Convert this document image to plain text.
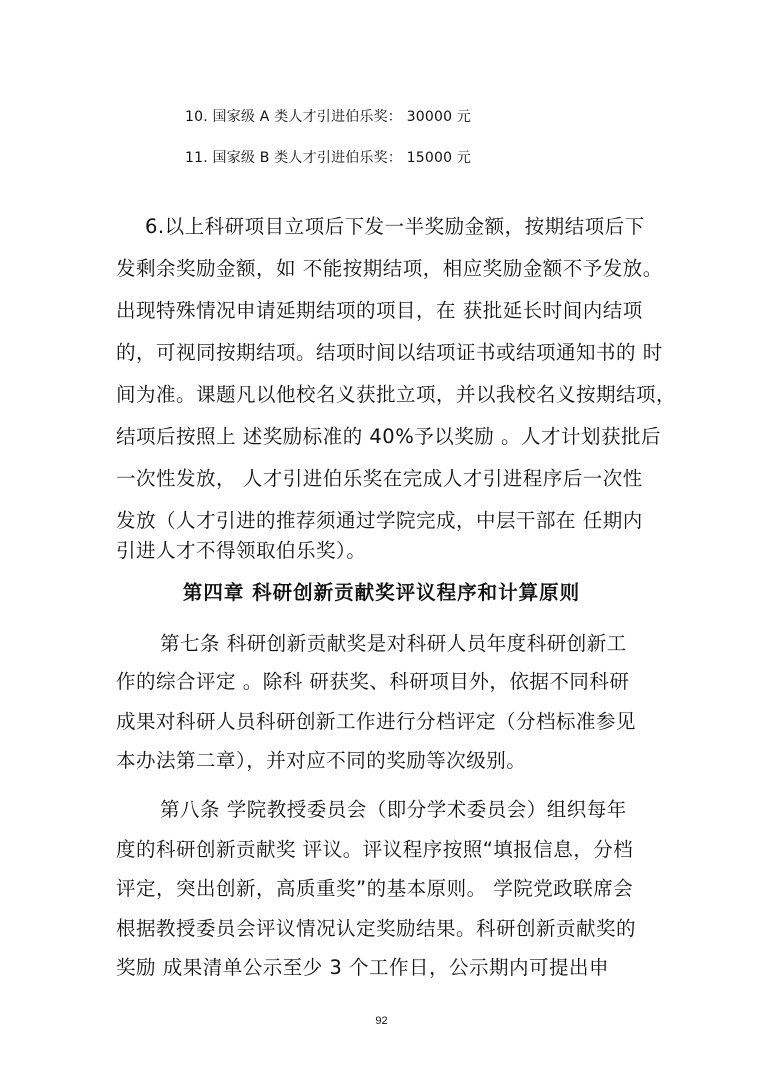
10. 国家级 A 类人才引进伯乐奖： 30000 元
11. 国家级 B 类人才引进伯乐奖： 15000 元
6.以上科研项目立项后下发一半奖励金额，按期结项后下
发剩余奖励金额，如 不能按期结项，相应奖励金额不予发放。
出现特殊情况申请延期结项的项目，在 获批延长时间内结项
的，可视同按期结项。结项时间以结项证书或结项通知书的 时
间为准。课题凡以他校名义获批立项，并以我校名义按期结项，
结项后按照上 述奖励标准的 40%予以奖励 。人才计划获批后
一次性发放， 人才引进伯乐奖在完成人才引进程序后一次性
发放（人才引进的推荐须通过学院完成，中层干部在 任期内
引进人才不得领取伯乐奖）。
第四章 科研创新贡献奖评议程序和计算原则
第七条 科研创新贡献奖是对科研人员年度科研创新工
作的综合评定 。除科 研获奖、科研项目外，依据不同科研
成果对科研人员科研创新工作进行分档评定（分档标准参见
本办法第二章），并对应不同的奖励等次级别。
第八条 学院教授委员会（即分学术委员会）组织每年
度的科研创新贡献奖 评议。评议程序按照“填报信息，分档
评定，突出创新，高质重奖”的基本原则。 学院党政联席会
根据教授委员会评议情况认定奖励结果。科研创新贡献奖的
奖励 成果清单公示至少 3 个工作日，公示期内可提出申
92
